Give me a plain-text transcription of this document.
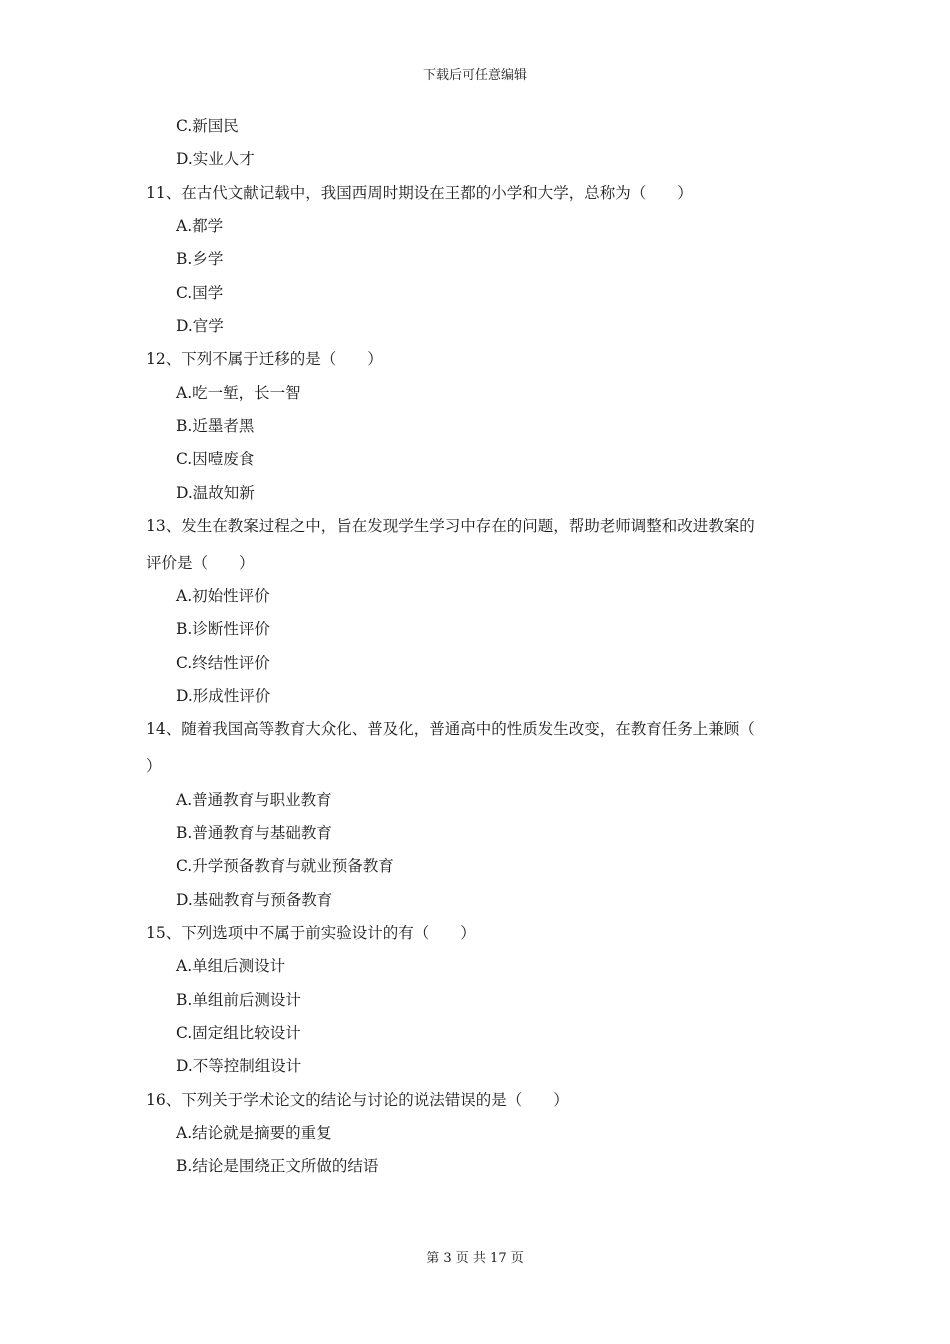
下载后可任意编辑
C.新国民
D.实业人才
11、在古代文献记载中，我国西周时期设在王都的小学和大学，总称为（　　）
A.都学
B.乡学
C.国学
D.官学
12、下列不属于迁移的是（　　）
A.吃一堑，长一智
B.近墨者黑
C.因噎废食
D.温故知新
13、发生在教案过程之中，旨在发现学生学习中存在的问题，帮助老师调整和改进教案的
评价是（　　）
A.初始性评价
B.诊断性评价
C.终结性评价
D.形成性评价
14、随着我国高等教育大众化、普及化，普通高中的性质发生改变，在教育任务上兼顾（
）
A.普通教育与职业教育
B.普通教育与基础教育
C.升学预备教育与就业预备教育
D.基础教育与预备教育
15、下列选项中不属于前实验设计的有（　　）
A.单组后测设计
B.单组前后测设计
C.固定组比较设计
D.不等控制组设计
16、下列关于学术论文的结论与讨论的说法错误的是（　　）
A.结论就是摘要的重复
B.结论是围绕正文所做的结语
第 3 页 共 17 页
